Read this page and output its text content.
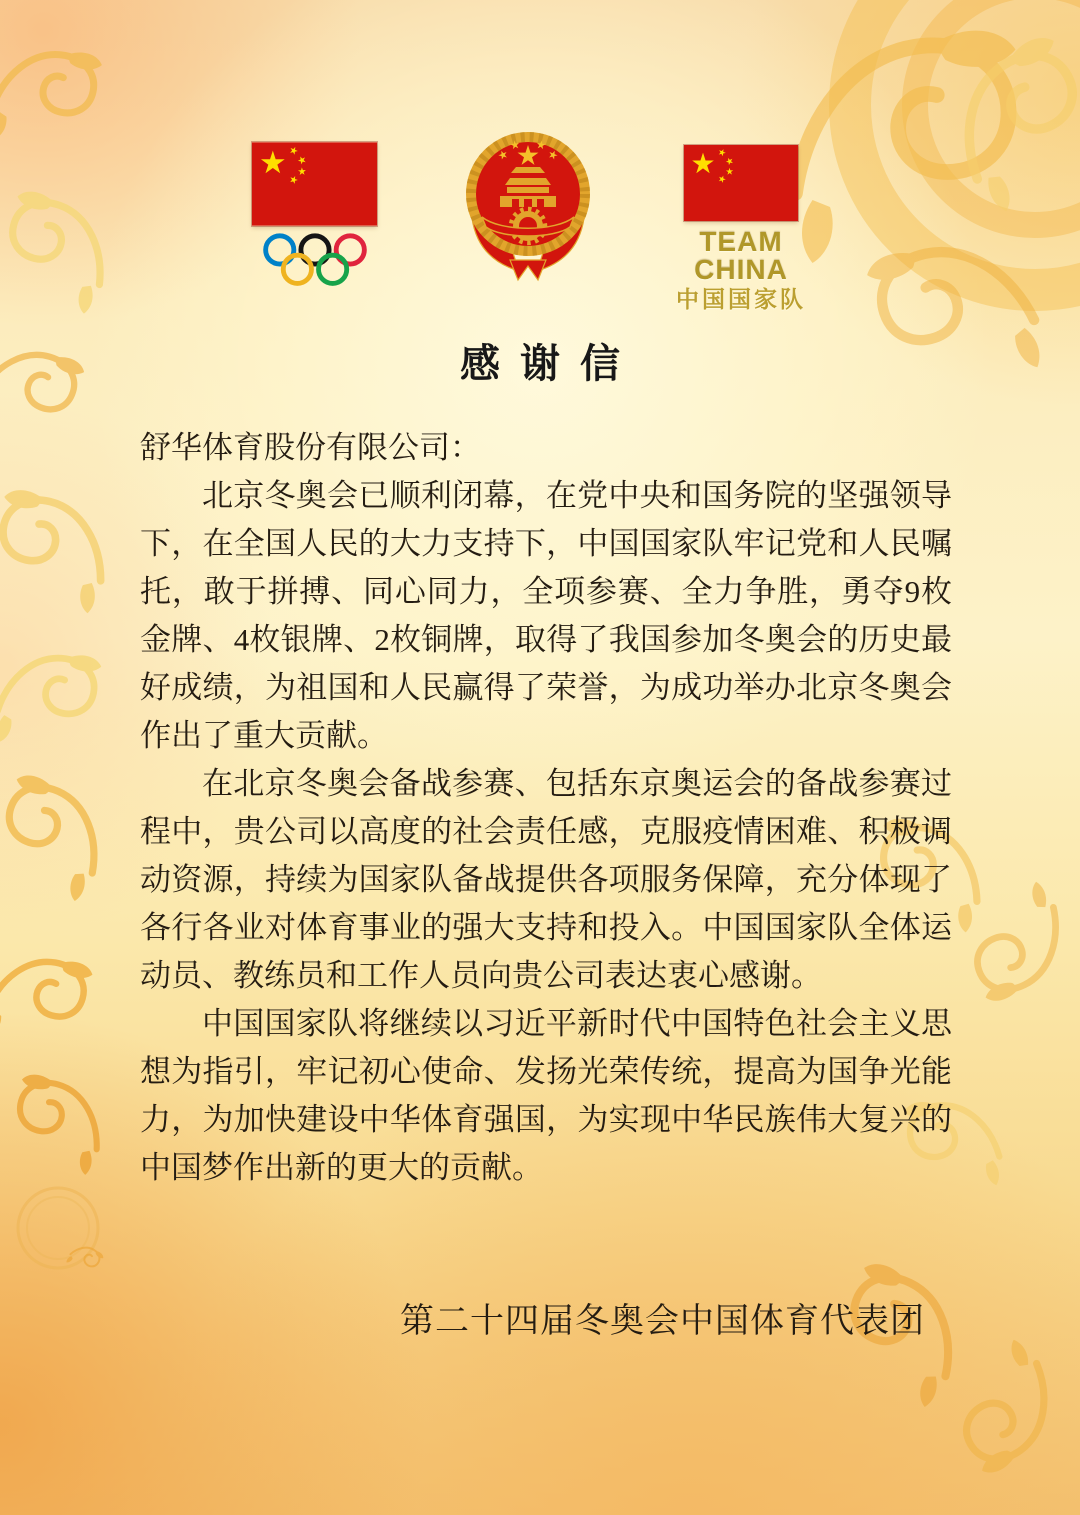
TEAM CHINA
中国国家队
感谢信

舒华体育股份有限公司：

北京冬奥会已顺利闭幕，在党中央和国务院的坚强领导下，在全国人民的大力支持下，中国国家队牢记党和人民嘱托，敢于拼搏、同心同力，全项参赛、全力争胜，勇夺9枚金牌、4枚银牌、2枚铜牌，取得了我国参加冬奥会的历史最好成绩，为祖国和人民赢得了荣誉，为成功举办北京冬奥会作出了重大贡献。

在北京冬奥会备战参赛、包括东京奥运会的备战参赛过程中，贵公司以高度的社会责任感，克服疫情困难、积极调动资源，持续为国家队备战提供各项服务保障，充分体现了各行各业对体育事业的强大支持和投入。中国国家队全体运动员、教练员和工作人员向贵公司表达衷心感谢。

中国国家队将继续以习近平新时代中国特色社会主义思想为指引，牢记初心使命、发扬光荣传统，提高为国争光能力，为加快建设中华体育强国，为实现中华民族伟大复兴的中国梦作出新的更大的贡献。

第二十四届冬奥会中国体育代表团
